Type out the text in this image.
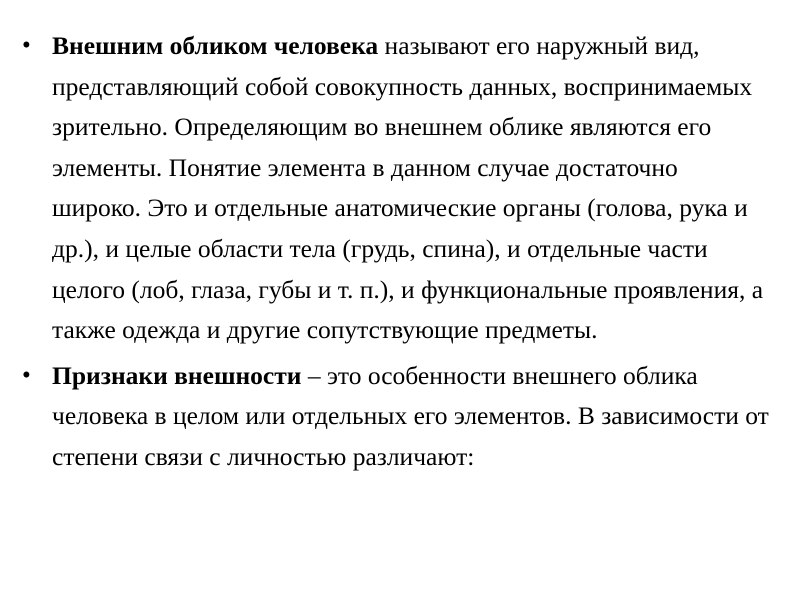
• Внешним обликом человека называют его наружный вид, представляющий собой совокупность данных, воспринимаемых зрительно. Определяющим во внешнем облике являются его элементы. Понятие элемента в данном случае достаточно широко. Это и отдельные анатомические органы (голова, рука и др.), и целые области тела (грудь, спина), и отдельные части целого (лоб, глаза, губы и т. п.), и функциональные проявления, а также одежда и другие сопутствующие предметы.
• Признаки внешности – это особенности внешнего облика человека в целом или отдельных его элементов. В зависимости от степени связи с личностью различают:
